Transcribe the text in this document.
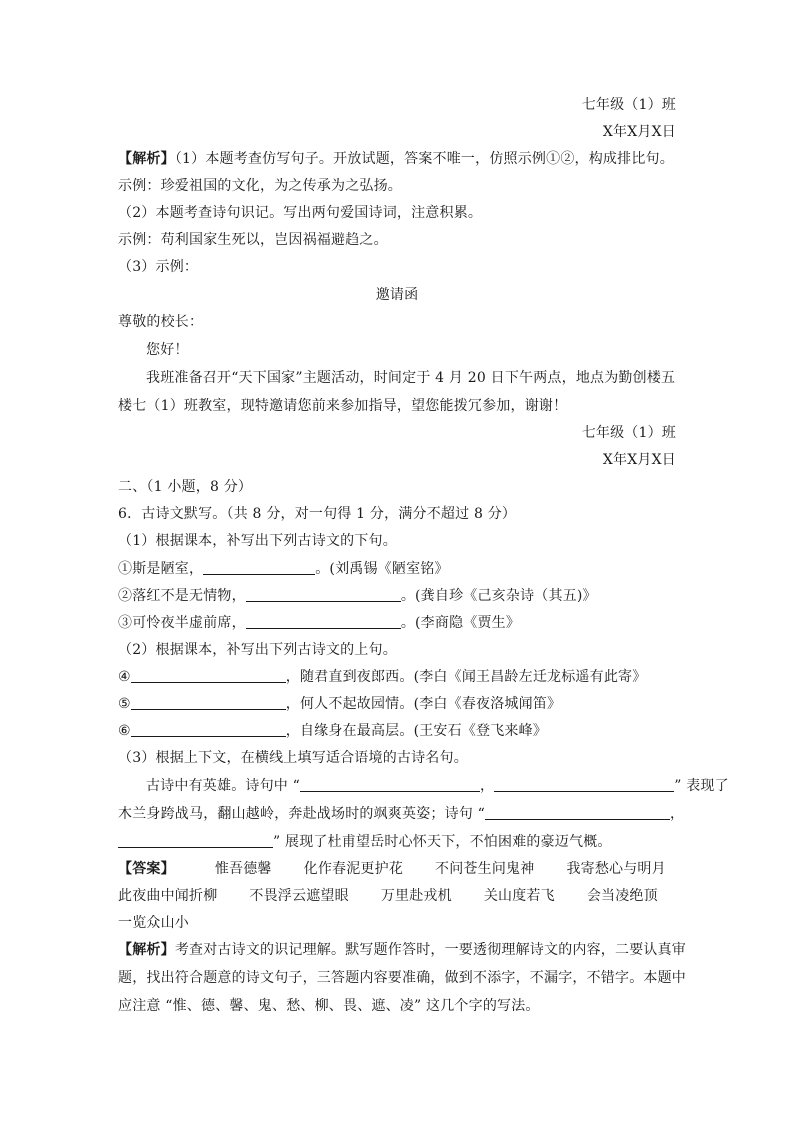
七年级（1）班
X年X月X日
【解析】（1）本题考查仿写句子。开放试题，答案不唯一，仿照示例①②，构成排比句。
示例：珍爱祖国的文化，为之传承为之弘扬。
（2）本题考查诗句识记。写出两句爱国诗词，注意积累。
示例：苟利国家生死以，岂因祸福避趋之。
（3）示例：
邀请函
尊敬的校长：
您好！
我班准备召开“天下国家”主题活动，时间定于 4 月 20 日下午两点，地点为勤创楼五
楼七（1）班教室，现特邀请您前来参加指导，望您能拨冗参加，谢谢！
七年级（1）班
X年X月X日
二、（1 小题，8 分）
6．古诗文默写。（共 8 分，对一句得 1 分，满分不超过 8 分）
（1）根据课本，补写出下列古诗文的下句。
①斯是陋室，	。(刘禹锡《陋室铭》
②落红不是无情物，	。(龚自珍《己亥杂诗（其五)》
③可怜夜半虚前席，	。(李商隐《贾生》
（2）根据课本，补写出下列古诗文的上句。
④	，随君直到夜郎西。(李白《闻王昌龄左迁龙标遥有此寄》
⑤	，何人不起故园情。(李白《春夜洛城闻笛》
⑥	，自缘身在最高层。(王安石《登飞来峰》
（3）根据上下文，在横线上填写适合语境的古诗名句。
古诗中有英雄。诗句中 “	，	” 表现了
木兰身跨战马，翻山越岭，奔赴战场时的飒爽英姿；诗句 “	，
” 展现了杜甫望岳时心怀天下，不怕困难的豪迈气概。
【答案】	惟吾德馨 化作春泥更护花 不问苍生问鬼神 我寄愁心与明月
此夜曲中闻折柳 不畏浮云遮望眼 万里赴戎机 关山度若飞 会当凌绝顶
一览众山小
【解析】考查对古诗文的识记理解。默写题作答时，一要透彻理解诗文的内容，二要认真审
题，找出符合题意的诗文句子，三答题内容要准确，做到不添字，不漏字，不错字。本题中
应注意 “惟、德、馨、鬼、愁、柳、畏、遮、凌” 这几个字的写法。
